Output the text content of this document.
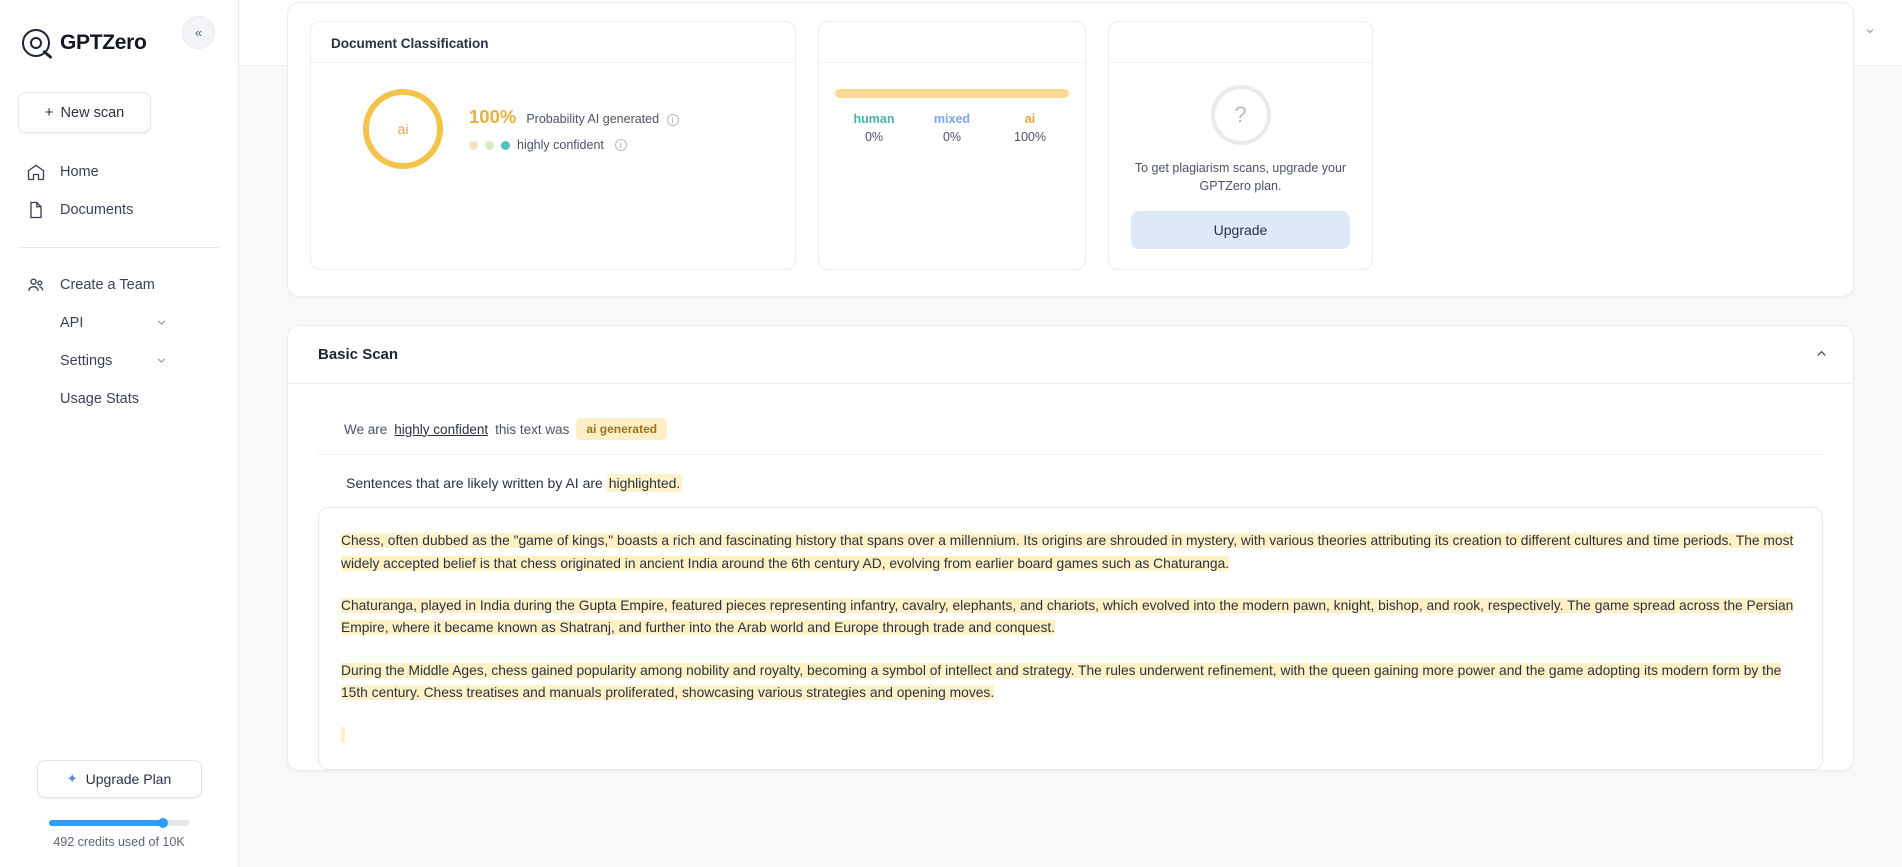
GPTZero	«
+ New scan
Home
Documents
Create a Team
API
Settings
Usage Stats
✦ Upgrade Plan
492 credits used of 10K
Document Classification
ai
100% Probability AI generated i
highly confident	i

human
0%
mixed
0%
ai
100%

?
To get plagiarism scans, upgrade your GPTZero plan.
Upgrade
Basic Scan
We are highly confident this text was	ai generated
Sentences that are likely written by AI are highlighted.

Chess, often dubbed as the "game of kings," boasts a rich and fascinating history that spans over a millennium. Its origins are shrouded in mystery, with various theories attributing its creation to different cultures and time periods. The most widely accepted belief is that chess originated in ancient India around the 6th century AD, evolving from earlier board games such as Chaturanga.

Chaturanga, played in India during the Gupta Empire, featured pieces representing infantry, cavalry, elephants, and chariots, which evolved into the modern pawn, knight, bishop, and rook, respectively. The game spread across the Persian Empire, where it became known as Shatranj, and further into the Arab world and Europe through trade and conquest.

During the Middle Ages, chess gained popularity among nobility and royalty, becoming a symbol of intellect and strategy. The rules underwent refinement, with the queen gaining more power and the game adopting its modern form by the 15th century. Chess treatises and manuals proliferated, showcasing various strategies and opening moves.
